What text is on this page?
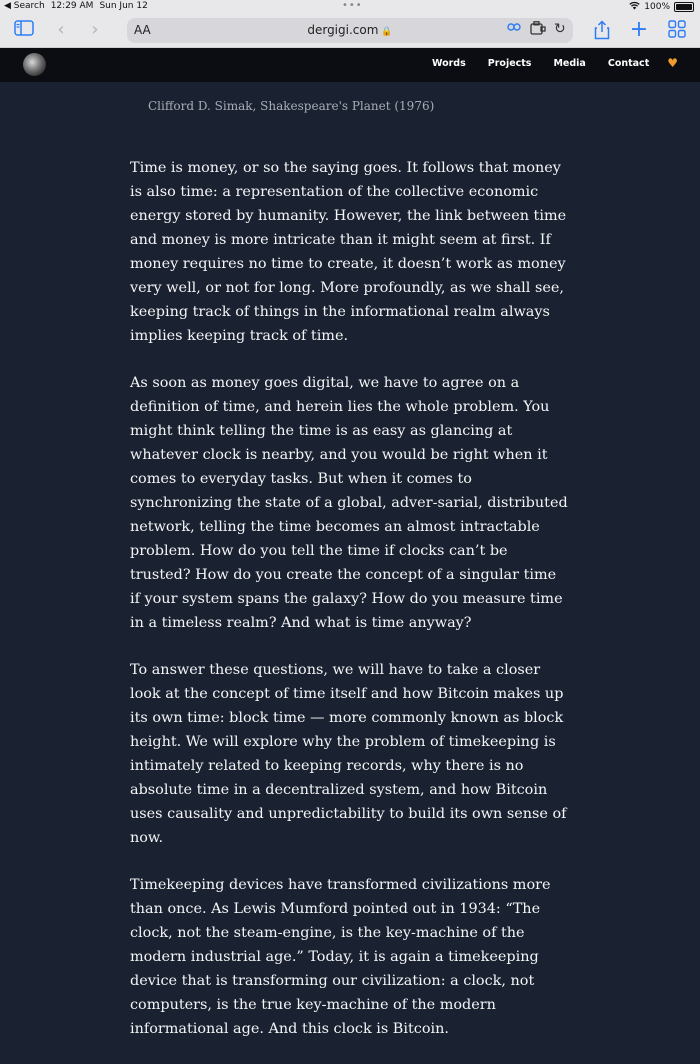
◀ Search 12:29 AM Sun Jun 12	•••	100%
‹	›	AA	dergigi.com 🔒	↻	+
Words Projects Media Contact ♥
Clifford D. Simak, Shakespeare's Planet (1976)

Time is money, or so the saying goes. It follows that money is also time: a representation of the collective economic energy stored by humanity. However, the link between time and money is more intricate than it might seem at first. If money requires no time to create, it doesn’t work as money very well, or not for long. More profoundly, as we shall see, keeping track of things in the informational realm always implies keeping track of time.

As soon as money goes digital, we have to agree on a definition of time, and herein lies the whole problem. You might think telling the time is as easy as glancing at whatever clock is nearby, and you would be right when it comes to everyday tasks. But when it comes to synchronizing the state of a global, adver-sarial, distributed network, telling the time becomes an almost intractable problem. How do you tell the time if clocks can’t be trusted? How do you create the concept of a singular time if your system spans the galaxy? How do you measure time in a timeless realm? And what is time anyway?

To answer these questions, we will have to take a closer look at the concept of time itself and how Bitcoin makes up its own time: block time — more commonly known as block height. We will explore why the problem of timekeeping is intimately related to keeping records, why there is no absolute time in a decentralized system, and how Bitcoin uses causality and unpredictability to build its own sense of now.

Timekeeping devices have transformed civilizations more than once. As Lewis Mumford pointed out in 1934: “The clock, not the steam-engine, is the key-machine of the modern industrial age.” Today, it is again a timekeeping device that is transforming our civilization: a clock, not computers, is the true key-machine of the modern informational age. And this clock is Bitcoin.
